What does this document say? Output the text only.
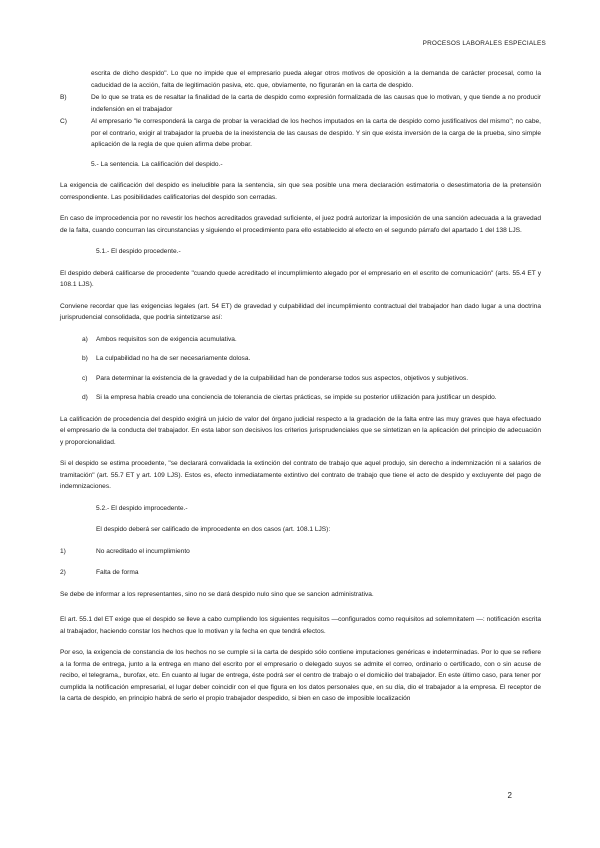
PROCESOS LABORALES ESPECIALES

escrita de dicho despido". Lo que no impide que el empresario pueda alegar otros motivos de oposición a la demanda de carácter procesal, como la caducidad de la acción, falta de legitimación pasiva, etc. que, obviamente, no figurarán en la carta de despido.

B)	De lo que se trata es de resaltar la finalidad de la carta de despido como expresión formalizada de las causas que lo motivan, y que tiende a no producir indefensión en el trabajador
C)	Al empresario "le corresponderá la carga de probar la veracidad de los hechos imputados en la carta de despido como justificativos del mismo"; no cabe, por el contrario, exigir al trabajador la prueba de la inexistencia de las causas de despido. Y sin que exista inversión de la carga de la prueba, sino simple aplicación de la regla de que quien afirma debe probar.

5.- La sentencia. La calificación del despido.-

La exigencia de calificación del despido es ineludible para la sentencia, sin que sea posible una mera declaración estimatoria o desestimatoria de la pretensión correspondiente. Las posibilidades calificatorias del despido son cerradas.

En caso de improcedencia por no revestir los hechos acreditados gravedad suficiente, el juez podrá autorizar la imposición de una sanción adecuada a la gravedad de la falta, cuando concurran las circunstancias y siguiendo el procedimiento para ello establecido al efecto en el segundo párrafo del apartado 1 del 138 LJS.

5.1.- El despido procedente.-

El despido deberá calificarse de procedente "cuando quede acreditado el incumplimiento alegado por el empresario en el escrito de comunicación" (arts. 55.4 ET y 108.1 LJS).

Conviene recordar que las exigencias legales (art. 54 ET) de gravedad y culpabilidad del incumplimiento contractual del trabajador han dado lugar a una doctrina jurisprudencial consolidada, que podría sintetizarse así:

a)	Ambos requisitos son de exigencia acumulativa.
b)	La culpabilidad no ha de ser necesariamente dolosa.
c)	Para determinar la existencia de la gravedad y de la culpabilidad han de ponderarse todos sus aspectos, objetivos y subjetivos.
d)	Si la empresa había creado una conciencia de tolerancia de ciertas prácticas, se impide su posterior utilización para justificar un despido.

La calificación de procedencia del despido exigirá un juicio de valor del órgano judicial respecto a la gradación de la falta entre las muy graves que haya efectuado el empresario de la conducta del trabajador. En esta labor son decisivos los criterios jurisprudenciales que se sintetizan en la aplicación del principio de adecuación y proporcionalidad.

Si el despido se estima procedente, "se declarará convalidada la extinción del contrato de trabajo que aquel produjo, sin derecho a indemnización ni a salarios de tramitación" (art. 55.7 ET y art. 109 LJS). Estos es, efecto inmediatamente extintivo del contrato de trabajo que tiene el acto de despido y excluyente del pago de indemnizaciones.

5.2.- El despido improcedente.-

El despido deberá ser calificado de improcedente en dos casos (art. 108.1 LJS):

1)	No acreditado el incumplimiento
2)	Falta de forma

Se debe de informar a los representantes, sino no se dará despido nulo sino que se sancion administrativa.

El art. 55.1 del ET exige que el despido se lleve a cabo cumpliendo los siguientes requisitos —configurados como requisitos ad solemnitatem —: notificación escrita al trabajador, haciendo constar los hechos que lo motivan y la fecha en que tendrá efectos.

Por eso, la exigencia de constancia de los hechos no se cumple si la carta de despido sólo contiene imputaciones genéricas e indeterminadas. Por lo que se refiere a la forma de entrega, junto a la entrega en mano del escrito por el empresario o delegado suyos se admite el correo, ordinario o certificado, con o sin acuse de recibo, el telegrama,, burofax, etc. En cuanto al lugar de entrega, éste podrá ser el centro de trabajo o el domicilio del trabajador. En este último caso, para tener por cumplida la notificación empresarial, el lugar deber coincidir con el que figura en los datos personales que, en su día, dio el trabajador a la empresa. El receptor de la carta de despido, en principio habrá de serlo el propio trabajador despedido, si bien en caso de imposible localización

2
